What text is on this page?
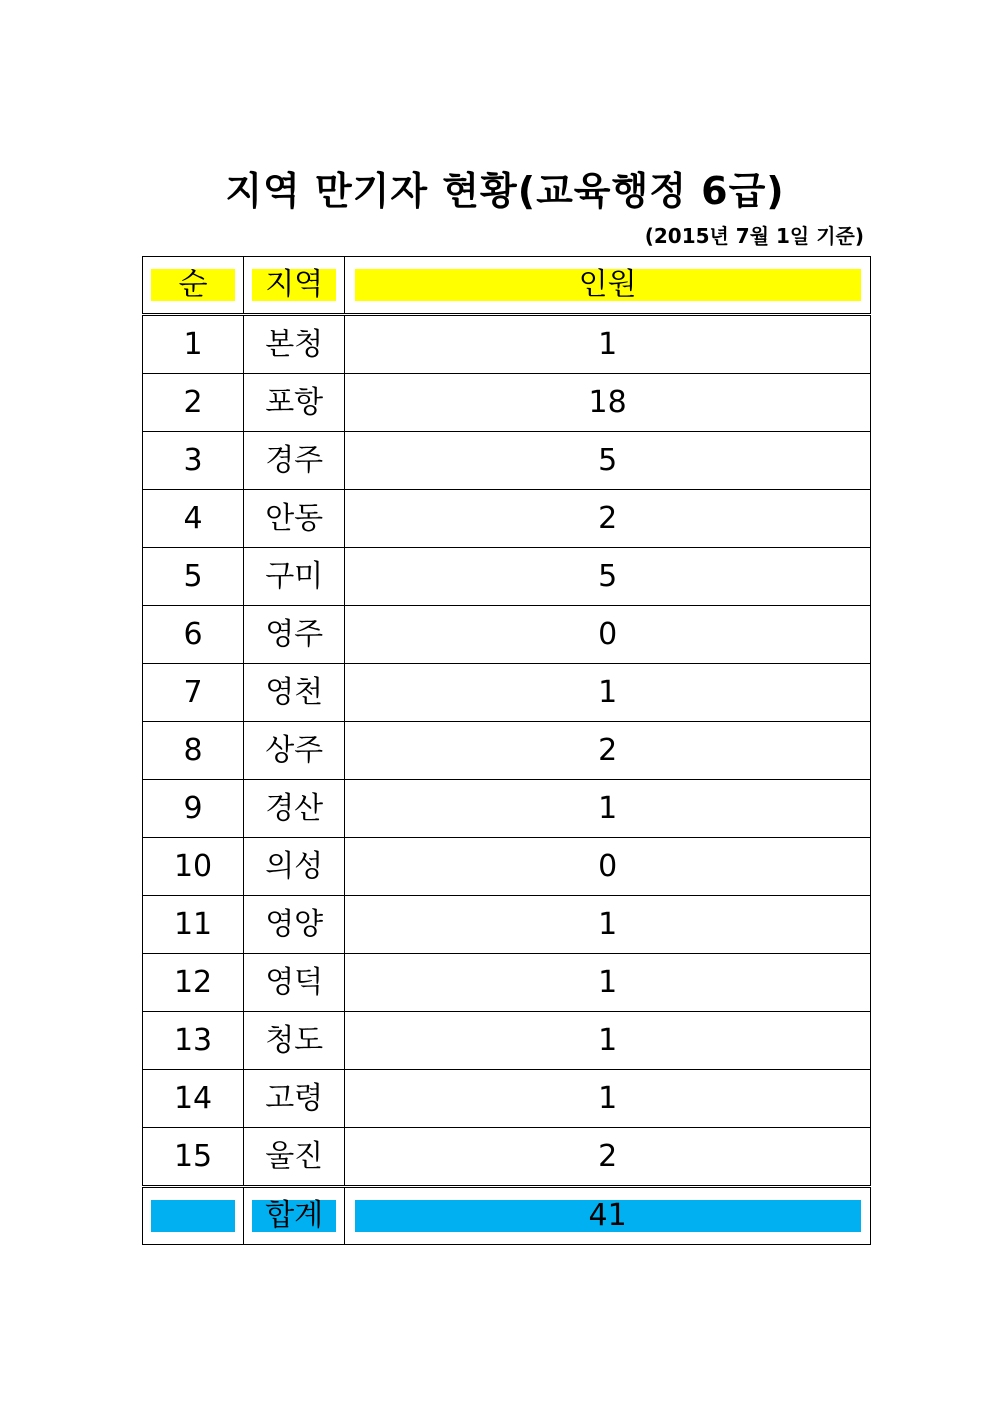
지역 만기자 현황(교육행정 6급)
(2015년 7월 1일 기준)
순	지역	인원

1	본청	1
2	포항	18
3	경주	5
4	안동	2
5	구미	5
6	영주	0
7	영천	1
8	상주	2
9	경산	1
10	의성	0
11	영양	1
12	영덕	1
13	청도	1
14	고령	1
15	울진	2

	합계	41
